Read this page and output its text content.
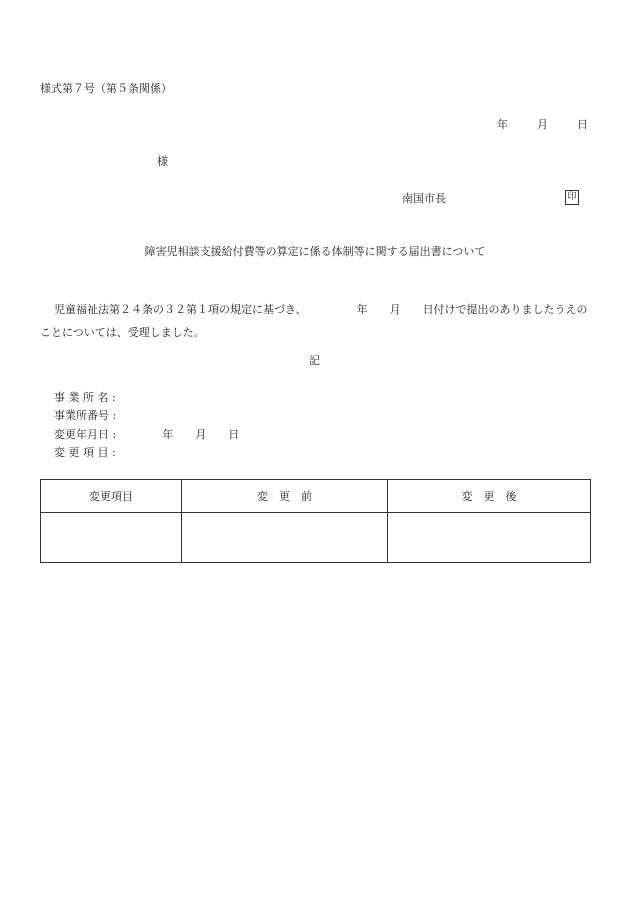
様式第７号（第５条関係）
年	月	日
様
南国市長	印
障害児相談支援給付費等の算定に係る体制等に関する届出書について
児童福祉法第２４条の３２第１項の規定に基づき、	年 月 日付けで提出のありましたうえのことについては、受理しました。
記
事 業 所 名 :
事業所番号 :
変更年月日 :	年 月 日
変 更 項 目 :
変更項目	変　更　前	変　更　後
